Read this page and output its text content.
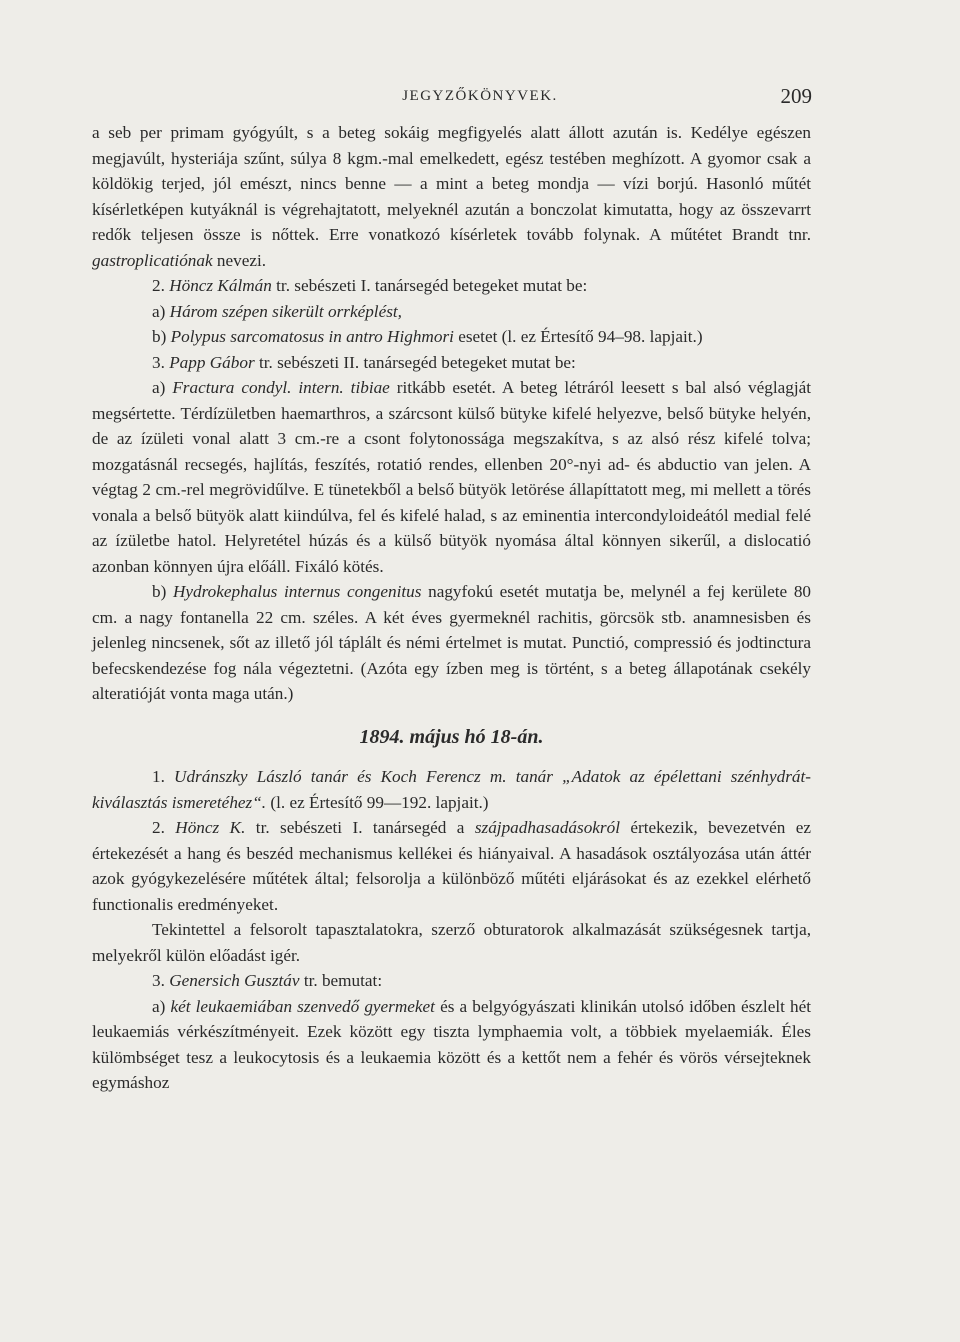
JEGYZŐKÖNYVEK.	209

a seb per primam gyógyúlt, s a beteg sokáig megfigyelés alatt állott azután is. Kedélye egészen megjavúlt, hysteriája szűnt, súlya 8 kgm.-mal emelkedett, egész testében meghízott. A gyomor csak a köldökig terjed, jól emészt, nincs benne — a mint a beteg mondja — vízi borjú. Hasonló műtét kísérletképen kutyáknál is végrehajtatott, melyeknél azután a bonczolat kimutatta, hogy az összevarrt redők teljesen össze is nőttek. Erre vonatkozó kísérletek tovább folynak. A műtétet Brandt tnr. gastroplicatiónak nevezi.

2. Höncz Kálmán tr. sebészeti I. tanársegéd betegeket mutat be:

a) Három szépen sikerült orrképlést,

b) Polypus sarcomatosus in antro Highmori esetet (l. ez Értesítő 94–98. lapjait.)

3. Papp Gábor tr. sebészeti II. tanársegéd betegeket mutat be:

a) Fractura condyl. intern. tibiae ritkább esetét. A beteg létráról leesett s bal alsó véglagját megsértette. Térdízületben haemarthros, a szárcsont külső bütyke kifelé helyezve, belső bütyke helyén, de az ízületi vonal alatt 3 cm.-re a csont folytonossága megszakítva, s az alsó rész kifelé tolva; mozgatásnál recsegés, hajlítás, feszítés, rotatió rendes, ellenben 20°-nyi ad- és abductio van jelen. A végtag 2 cm.-rel megrövidűlve. E tünetekből a belső bütyök letörése állapíttatott meg, mi mellett a törés vonala a belső bütyök alatt kiindúlva, fel és kifelé halad, s az eminentia intercondyloideától medial felé az ízületbe hatol. Helyretétel húzás és a külső bütyök nyomása által könnyen sikerűl, a dislocatió azonban könnyen újra előáll. Fixáló kötés.

b) Hydrokephalus internus congenitus nagyfokú esetét mutatja be, melynél a fej kerülete 80 cm. a nagy fontanella 22 cm. széles. A két éves gyermeknél rachitis, görcsök stb. anamnesisben és jelenleg nincsenek, sőt az illető jól táplált és némi értelmet is mutat. Punctió, compressió és jodtinctura befecskendezése fog nála végeztetni. (Azóta egy ízben meg is történt, s a beteg állapotának csekély alteratióját vonta maga után.)

1894. május hó 18-án.

1. Udránszky László tanár és Koch Ferencz m. tanár „Adatok az épélettani szénhydrát-kiválasztás ismeretéhez“. (l. ez Értesítő 99—192. lapjait.)

2. Höncz K. tr. sebészeti I. tanársegéd a szájpadhasadásokról értekezik, bevezetvén ez értekezését a hang és beszéd mechanismus kellékei és hiányaival. A hasadások osztályozása után áttér azok gyógykezelésére műtétek által; felsorolja a különböző műtéti eljárásokat és az ezekkel elérhető functionalis eredményeket.

Tekintettel a felsorolt tapasztalatokra, szerző obturatorok alkalmazását szükségesnek tartja, melyekről külön előadást igér.

3. Genersich Gusztáv tr. bemutat:

a) két leukaemiában szenvedő gyermeket és a belgyógyászati klinikán utolsó időben észlelt hét leukaemiás vérkészítményeit. Ezek között egy tiszta lymphaemia volt, a többiek myelaemiák. Éles külömbséget tesz a leukocytosis és a leukaemia között és a kettőt nem a fehér és vörös vérsejteknek egymáshoz
